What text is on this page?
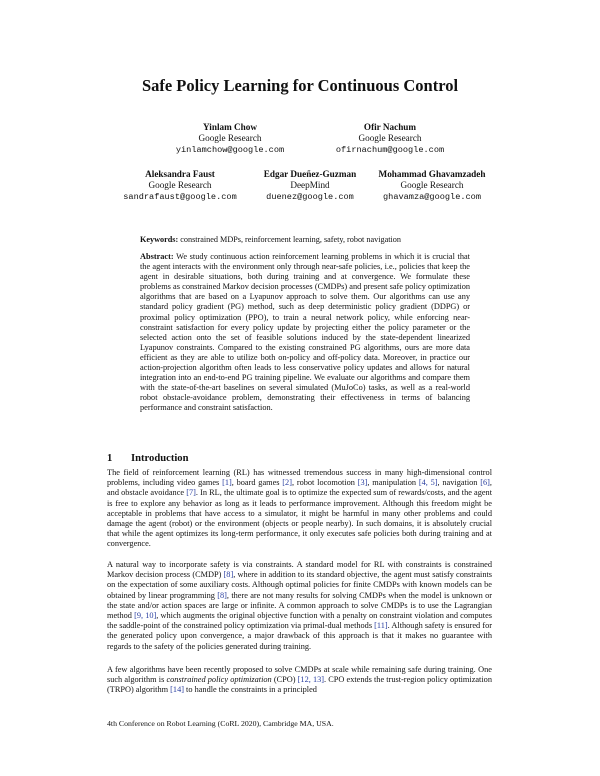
Safe Policy Learning for Continuous Control
Yinlam Chow
Google Research
yinlamchow@google.com
Ofir Nachum
Google Research
ofirnachum@google.com
Aleksandra Faust
Google Research
sandrafaust@google.com
Edgar Dueñez-Guzman
DeepMind
duenez@google.com
Mohammad Ghavamzadeh
Google Research
ghavamza@google.com
Keywords: constrained MDPs, reinforcement learning, safety, robot navigation
Abstract: We study continuous action reinforcement learning problems in which it is crucial that the agent interacts with the environment only through near-safe policies, i.e., policies that keep the agent in desirable situations, both during training and at convergence. We formulate these problems as constrained Markov decision processes (CMDPs) and present safe policy optimization algorithms that are based on a Lyapunov approach to solve them. Our algorithms can use any standard policy gradient (PG) method, such as deep deterministic policy gradient (DDPG) or proximal policy optimization (PPO), to train a neural network policy, while enforcing near-constraint satisfaction for every policy update by projecting either the policy parameter or the selected action onto the set of feasible solutions induced by the state-dependent linearized Lyapunov constraints. Compared to the existing constrained PG algorithms, ours are more data efficient as they are able to utilize both on-policy and off-policy data. Moreover, in practice our action-projection algorithm often leads to less conservative policy updates and allows for natural integration into an end-to-end PG training pipeline. We evaluate our algorithms and compare them with the state-of-the-art baselines on several simulated (MuJoCo) tasks, as well as a real-world robot obstacle-avoidance problem, demonstrating their effectiveness in terms of balancing performance and constraint satisfaction.
1 Introduction

The field of reinforcement learning (RL) has witnessed tremendous success in many high-dimensional control problems, including video games [1], board games [2], robot locomotion [3], manipulation [4, 5], navigation [6], and obstacle avoidance [7]. In RL, the ultimate goal is to optimize the expected sum of rewards/costs, and the agent is free to explore any behavior as long as it leads to performance improvement. Although this freedom might be acceptable in problems that have access to a simulator, it might be harmful in many other problems and could damage the agent (robot) or the environment (objects or people nearby). In such domains, it is absolutely crucial that while the agent optimizes its long-term performance, it only executes safe policies both during training and at convergence.

A natural way to incorporate safety is via constraints. A standard model for RL with constraints is constrained Markov decision process (CMDP) [8], where in addition to its standard objective, the agent must satisfy constraints on the expectation of some auxiliary costs. Although optimal policies for finite CMDPs with known models can be obtained by linear programming [8], there are not many results for solving CMDPs when the model is unknown or the state and/or action spaces are large or infinite. A common approach to solve CMDPs is to use the Lagrangian method [9, 10], which augments the original objective function with a penalty on constraint violation and computes the saddle-point of the constrained policy optimization via primal-dual methods [11]. Although safety is ensured for the generated policy upon convergence, a major drawback of this approach is that it makes no guarantee with regards to the safety of the policies generated during training.

A few algorithms have been recently proposed to solve CMDPs at scale while remaining safe during training. One such algorithm is constrained policy optimization (CPO) [12, 13]. CPO extends the trust-region policy optimization (TRPO) algorithm [14] to handle the constraints in a principled

4th Conference on Robot Learning (CoRL 2020), Cambridge MA, USA.
